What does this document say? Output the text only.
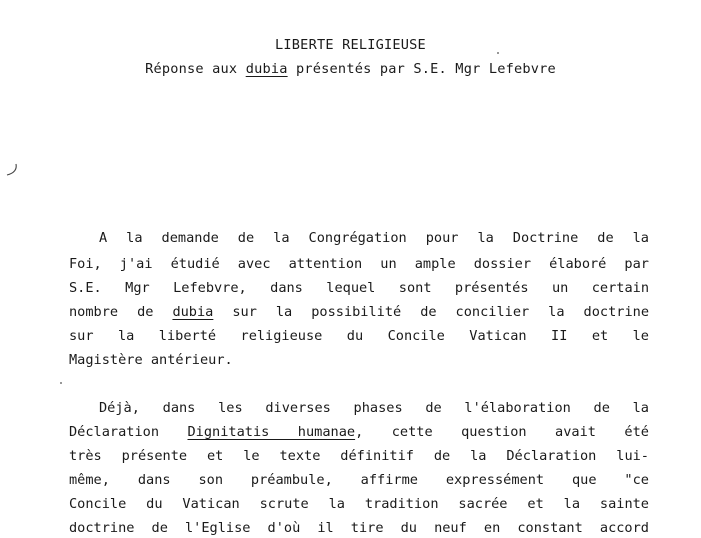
LIBERTE RELIGIEUSE
Réponse aux dubia présentés par S.E. Mgr Lefebvre
A la demande de la Congrégation pour la Doctrine de la
Foi, j'ai étudié avec attention un ample dossier élaboré par
S.E. Mgr Lefebvre, dans lequel sont présentés un certain
nombre de dubia sur la possibilité de concilier la doctrine
sur la liberté religieuse du Concile Vatican II et le
Magistère antérieur.
Déjà, dans les diverses phases de l'élaboration de la
Déclaration Dignitatis humanae, cette question avait été
très présente et le texte définitif de la Déclaration lui-
même, dans son préambule, affirme expressément que "ce
Concile du Vatican scrute la tradition sacrée et la sainte
doctrine de l'Eglise d'où il tire du neuf en constant accord
